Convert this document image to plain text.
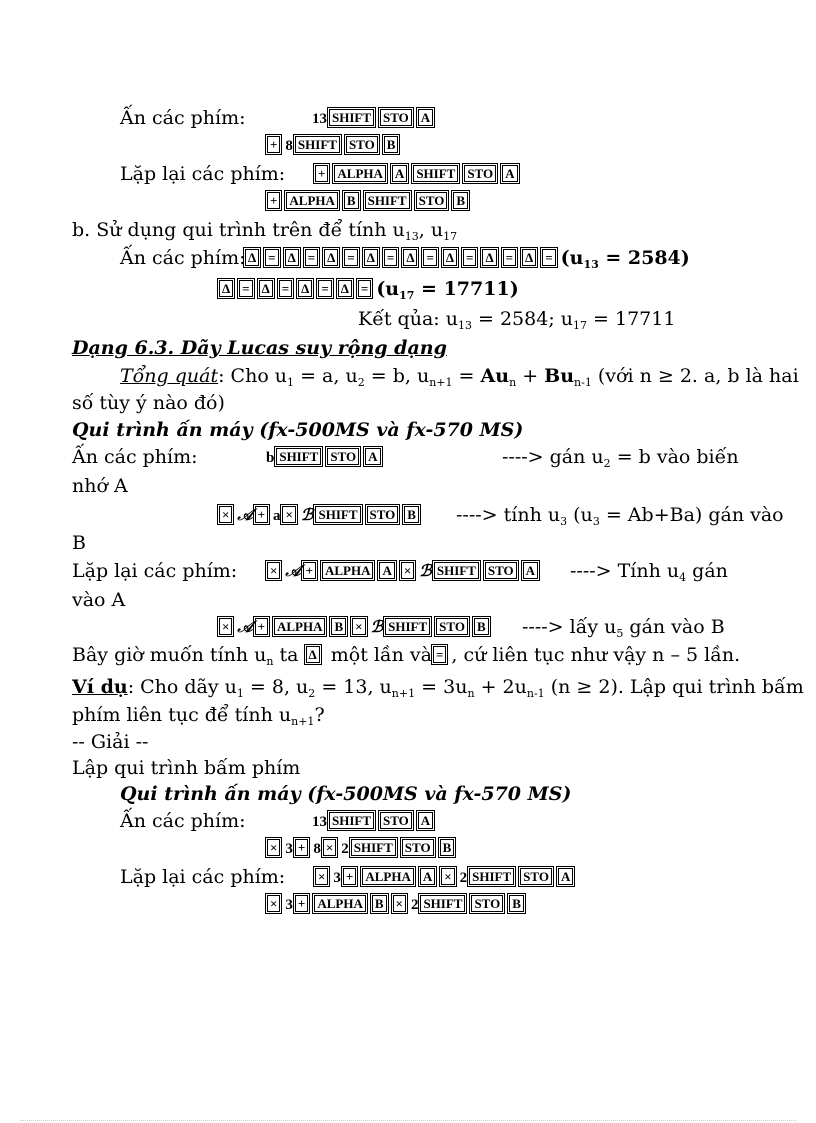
Ấn các phím:	13 SHIFT STO A
+ 8 SHIFT STO B
Lặp lại các phím:	+ ALPHA A SHIFT STO A
+ ALPHA B SHIFT STO B
b. Sử dụng qui trình trên để tính $u_{13}$, $u_{17}$
Ấn các phím: $\Delta = \Delta = \Delta = \Delta = \Delta = \Delta = \Delta = \Delta = (u_{13} = 2584)$
$\Delta = \Delta = \Delta = \Delta = (u_{17} = 17711)$
Kết qủa: $u_{13} = 2584$; $u_{17} = 17711$
Dạng 6.3. Dãy Lucas suy rộng dạng
Tổng quát: Cho $u_1 = a$, $u_2 = b$, $u_{n+1} = Au_n + Bu_{n-1}$ (với n ≥ 2. a, b là hai
số tùy ý nào đó)
Qui trình ấn máy (fx-500MS và fx-570 MS)
Ấn các phím:	b SHIFT STO A	----> gán $u_2 = b$ vào biến
nhớ A
× 𝒜 + a × ℬ SHIFT STO B	----> tính $u_3$ $(u_3 = Ab+Ba)$ gán vào
B
Lặp lại các phím:	× 𝒜 + ALPHA A × ℬ SHIFT STO A	----> Tính $u_4$ gán
vào A
× 𝒜 + ALPHA B × ℬ SHIFT STO B	----> lấy $u_5$ gán vào B
Bây giờ muốn tính $u_n$ ta Δ một lần và = , cứ liên tục như vậy n – 5 lần.
Ví dụ: Cho dãy $u_1 = 8$, $u_2 = 13$, $u_{n+1} = 3u_n + 2u_{n-1}$ (n ≥ 2). Lập qui trình bấm
phím liên tục để tính $u_{n+1}$?
-- Giải --
Lập qui trình bấm phím
Qui trình ấn máy (fx-500MS và fx-570 MS)
Ấn các phím:	13 SHIFT STO A
× 3 + 8 × 2 SHIFT STO B
Lặp lại các phím:	× 3 + ALPHA A × 2 SHIFT STO A
× 3 + ALPHA B × 2 SHIFT STO B
